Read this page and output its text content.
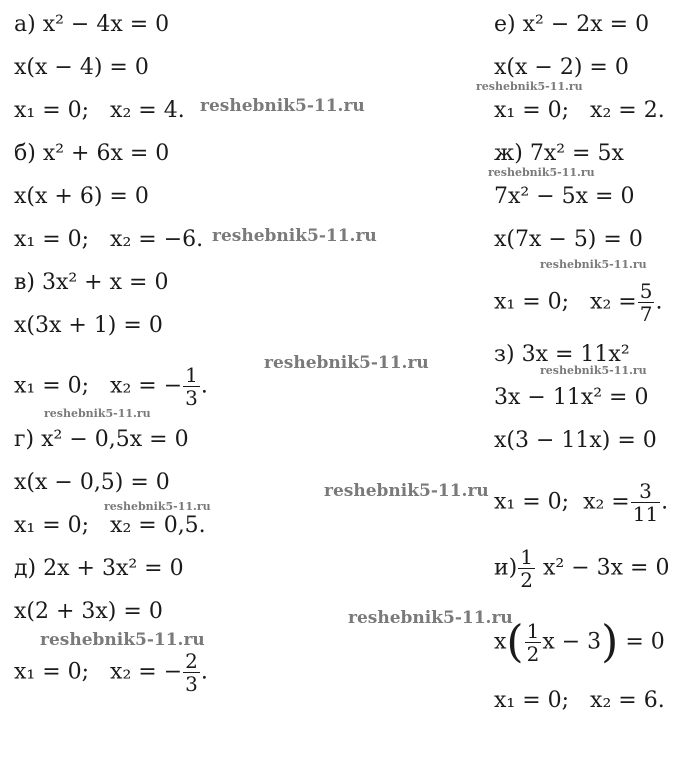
а) x² − 4x = 0
x(x − 4) = 0
x₁ = 0; x₂ = 4.
б) x² + 6x = 0
x(x + 6) = 0
x₁ = 0; x₂ = −6.
в) 3x² + x = 0
x(3x + 1) = 0
x₁ = 0; x₂ = − $\frac{1}{3}$ .
г) x² − 0,5x = 0
x(x − 0,5) = 0
x₁ = 0; x₂ = 0,5.
д) 2x + 3x² = 0
x(2 + 3x) = 0
x₁ = 0; x₂ = − $\frac{2}{3}$ .
е) x² − 2x = 0
x(x − 2) = 0
x₁ = 0; x₂ = 2.
ж) 7x² = 5x
7x² − 5x = 0
x(7x − 5) = 0
x₁ = 0; $x_2 = \frac{5}{7}$ .
з) 3x = 11x²
3x − 11x² = 0
x(3 − 11x) = 0
x₁ = 0; $x_2 = \frac{3}{11}$ .
$и) \frac{1}{2} x^2 - 3x = 0$
$x( \frac{1}{2}$ x − 3) = 0
x₁ = 0; x₂ = 6.
reshebnik5-11.ru
reshebnik5-11.ru
reshebnik5-11.ru
reshebnik5-11.ru
reshebnik5-11.ru
reshebnik5-11.ru
reshebnik5-11.ru
reshebnik5-11.ru
reshebnik5-11.ru
reshebnik5-11.ru
reshebnik5-11.ru
reshebnik5-11.ru
